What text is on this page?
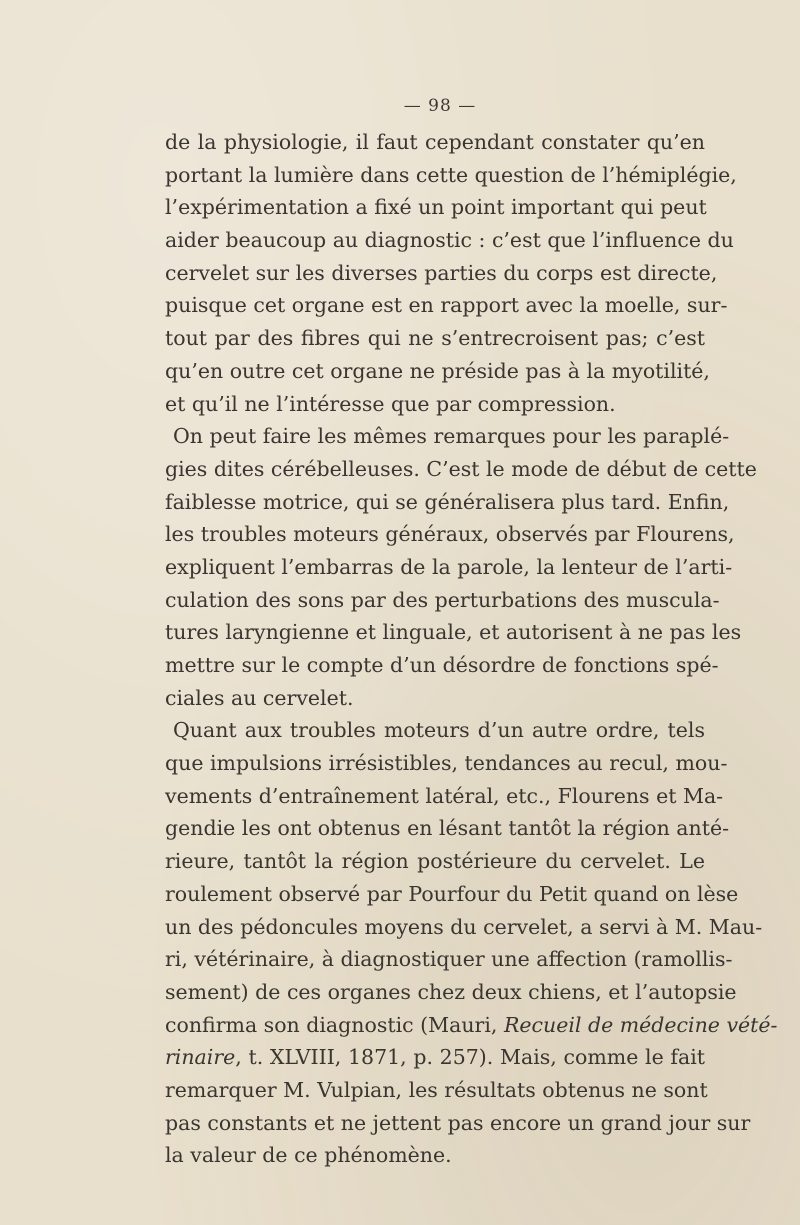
— 98 —
de la physiologie, il faut cependant constater qu’en
portant la lumière dans cette question de l’hémiplégie,
l’expérimentation a fixé un point important qui peut
aider beaucoup au diagnostic : c’est que l’influence du
cervelet sur les diverses parties du corps est directe,
puisque cet organe est en rapport avec la moelle, sur-
tout par des fibres qui ne s’entrecroisent pas; c’est
qu’en outre cet organe ne préside pas à la myotilité,
et qu’il ne l’intéresse que par compression.
On peut faire les mêmes remarques pour les paraplé-
gies dites cérébelleuses. C’est le mode de début de cette
faiblesse motrice, qui se généralisera plus tard. Enfin,
les troubles moteurs généraux, observés par Flourens,
expliquent l’embarras de la parole, la lenteur de l’arti-
culation des sons par des perturbations des muscula-
tures laryngienne et linguale, et autorisent à ne pas les
mettre sur le compte d’un désordre de fonctions spé-
ciales au cervelet.
Quant aux troubles moteurs d’un autre ordre, tels
que impulsions irrésistibles, tendances au recul, mou-
vements d’entraînement latéral, etc., Flourens et Ma-
gendie les ont obtenus en lésant tantôt la région anté-
rieure, tantôt la région postérieure du cervelet. Le
roulement observé par Pourfour du Petit quand on lèse
un des pédoncules moyens du cervelet, a servi à M. Mau-
ri, vétérinaire, à diagnostiquer une affection (ramollis-
sement) de ces organes chez deux chiens, et l’autopsie
confirma son diagnostic (Mauri, Recueil de médecine vété-
rinaire, t. XLVIII, 1871, p. 257). Mais, comme le fait
remarquer M. Vulpian, les résultats obtenus ne sont
pas constants et ne jettent pas encore un grand jour sur
la valeur de ce phénomène.
